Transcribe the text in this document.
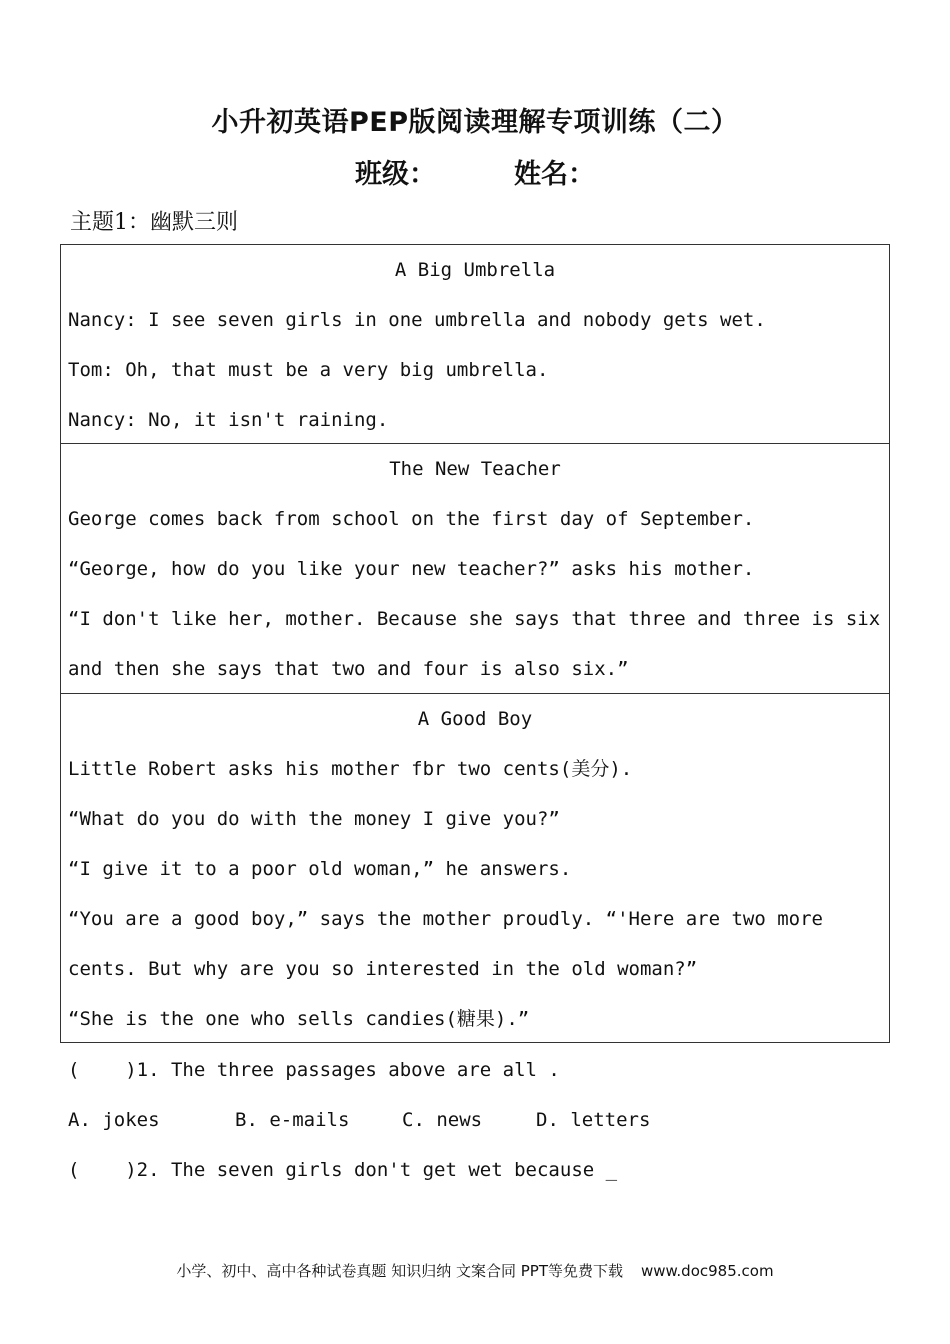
小升初英语PEP版阅读理解专项训练（二）
班级：	姓名：
主题1：幽默三则
A Big Umbrella
Nancy: I see seven girls in one umbrella and nobody gets wet.
Tom: Oh, that must be a very big umbrella.
Nancy: No, it isn't raining.
The New Teacher
George comes back from school on the first day of September.
“George, how do you like your new teacher?” asks his mother.
“I don't like her, mother. Because she says that three and three is six
and then she says that two and four is also six.”
A Good Boy
Little Robert asks his mother fbr two cents(美分).
“What do you do with the money I give you?”
“I give it to a poor old woman,” he answers.
“You are a good boy,” says the mother proudly. “'Here are two more
cents. But why are you so interested in the old woman?”
“She is the one who sells candies(糖果).”
(    )1. The three passages above are all .
A. jokes	B. e-mails	C. news	D. letters
(    )2. The seven girls don't get wet because _
小学、初中、高中各种试卷真题 知识归纳 文案合同 PPT等免费下载 www.doc985.com
